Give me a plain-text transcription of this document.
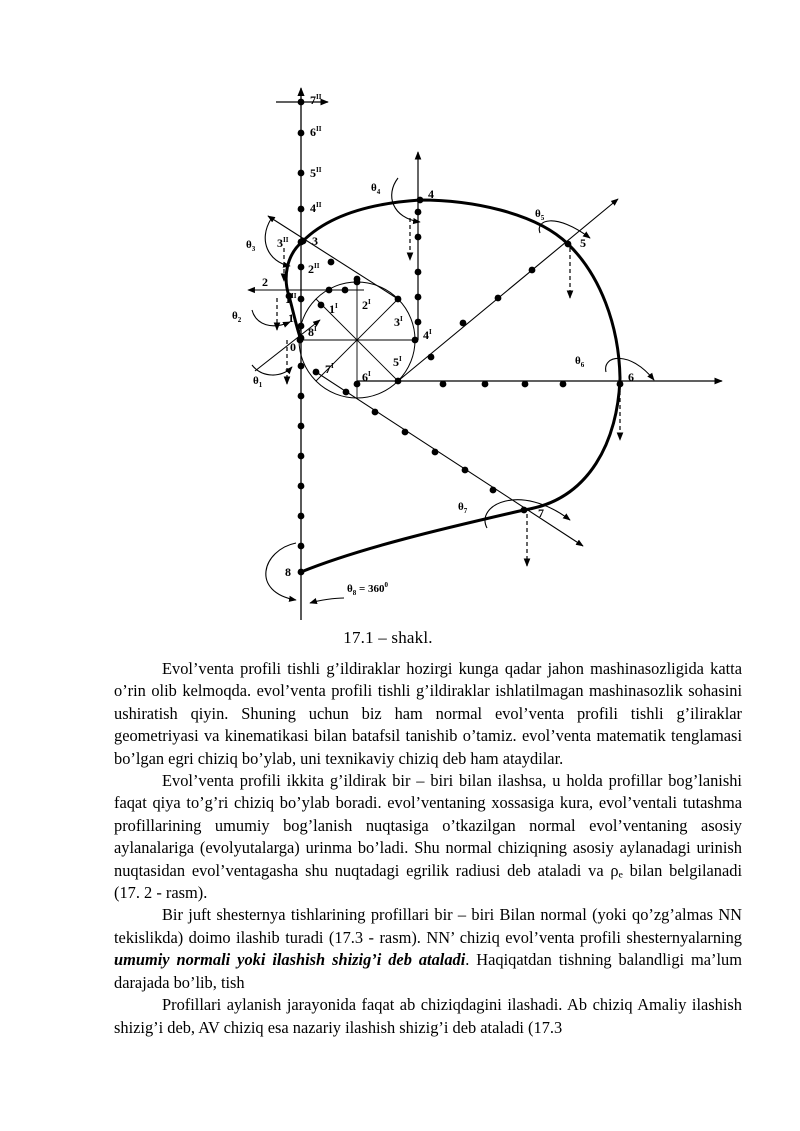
0
1
2
3
4
5
6
7
8
$1^I$ $2^I$
$3^I$
$4^I$
$5^I$
$6^I$
$7^I$
$8^I$
$1^{II}$
$2^{II}$
$3^{II}$
$4^{II}$
$5^{II}$
$6^{II}$
$7^{II}$
$\theta_1$
$\theta_2$
$\theta_3$
$\theta_4$
$\theta_5$
$\theta_6$
$\theta_7$
$\theta_8 = 360^0$
17.1 – shakl.

Evol’venta profili tishli g’ildiraklar hozirgi kunga qadar jahon mashinasozligida katta o’rin olib kelmoqda. evol’venta profili tishli g’ildiraklar ishlatilmagan mashinasozlik sohasini ushiratish qiyin. Shuning uchun biz ham normal evol’venta profili tishli g’iliraklar geometriyasi va kinematikasi bilan batafsil tanishib o’tamiz. evol’venta matematik tenglamasi bo’lgan egri chiziq bo’ylab, uni texnikaviy chiziq deb ham ataydilar.

Evol’venta profili ikkita g’ildirak bir – biri bilan ilashsa, u holda profillar bog’lanishi faqat qiya to’g’ri chiziq bo’ylab boradi. evol’ventaning xossasiga kura, evol’ventali tutashma profillarining umumiy bog’lanish nuqtasiga o’tkazilgan normal evol’ventaning asosiy aylanalariga (evolyutalarga) urinma bo’ladi. Shu normal chiziqning asosiy aylanadagi urinish nuqtasidan evol’ventagasha shu nuqtadagi egrilik radiusi deb ataladi va ρₑ bilan belgilanadi (17. 2 - rasm).

Bir juft shesternya tishlarining profillari bir – biri Bilan normal (yoki qo’zg’almas NN tekislikda) doimo ilashib turadi (17.3 - rasm). NN’ chiziq evol’venta profili shesternyalarning umumiy normali yoki ilashish shizig’i deb ataladi. Haqiqatdan tishning balandligi ma’lum darajada bo’lib, tish

Profillari aylanish jarayonida faqat ab chiziqdagini ilashadi. Ab chiziq Amaliy ilashish shizig’i deb, AV chiziq esa nazariy ilashish shizig’i deb ataladi (17.3
